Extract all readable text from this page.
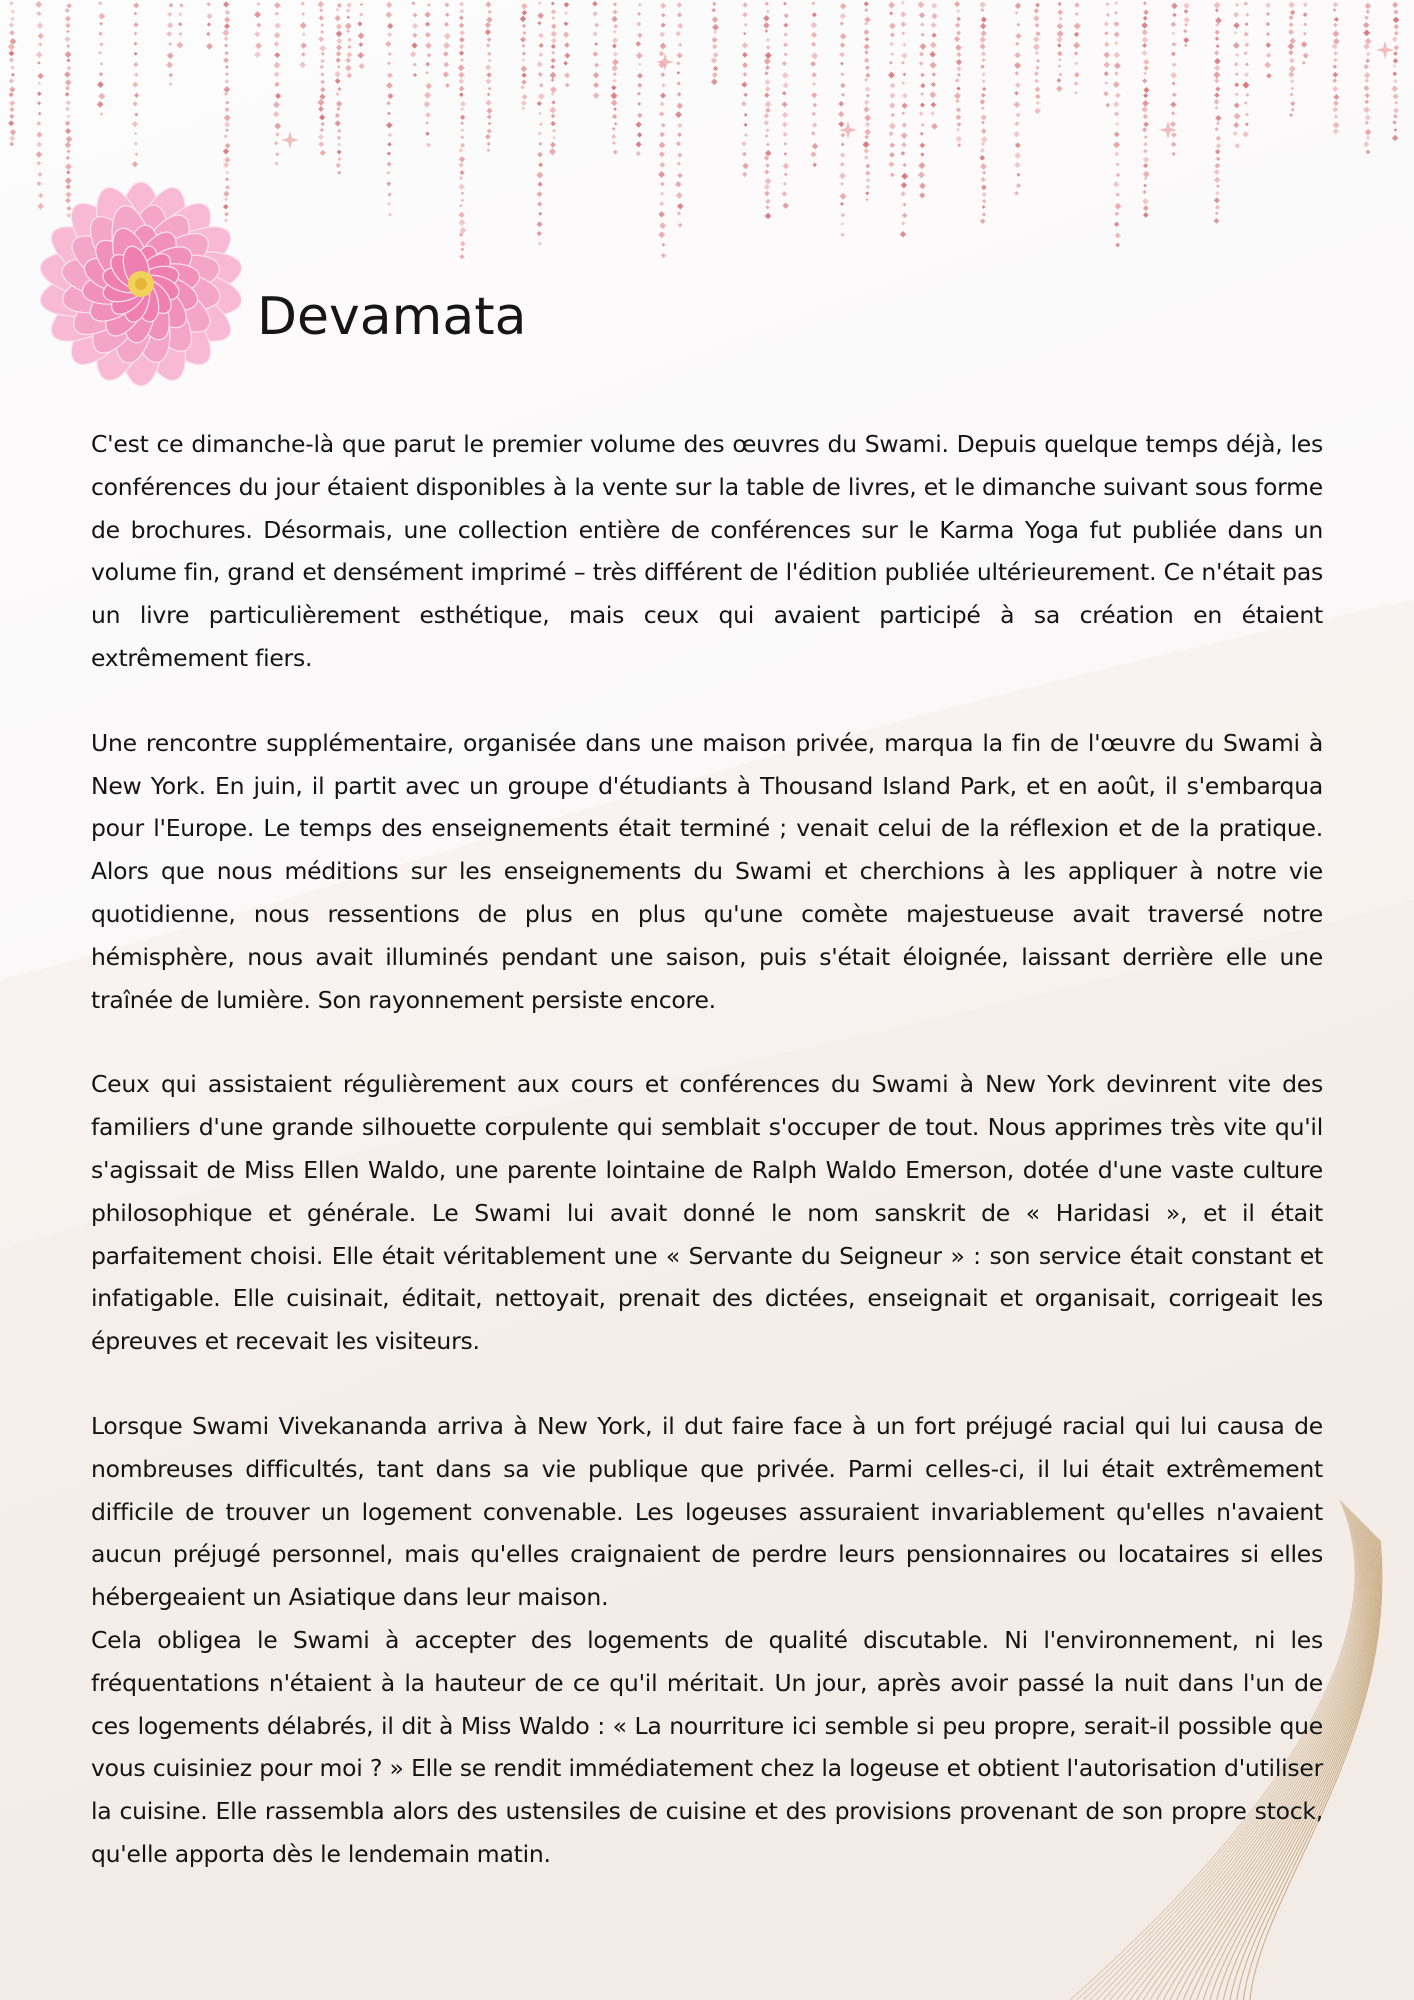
Devamata

C'est ce dimanche-là que parut le premier volume des œuvres du Swami. Depuis quelque temps déjà, les conférences du jour étaient disponibles à la vente sur la table de livres, et le dimanche suivant sous forme de brochures. Désormais, une collection entière de conférences sur le Karma Yoga fut publiée dans un volume fin, grand et densément imprimé – très différent de l'édition publiée ultérieurement. Ce n'était pas un livre particulièrement esthétique, mais ceux qui avaient participé à sa création en étaient extrêmement fiers.

Une rencontre supplémentaire, organisée dans une maison privée, marqua la fin de l'œuvre du Swami à New York. En juin, il partit avec un groupe d'étudiants à Thousand Island Park, et en août, il s'embarqua pour l'Europe. Le temps des enseignements était terminé ; venait celui de la réflexion et de la pratique. Alors que nous méditions sur les enseignements du Swami et cherchions à les appliquer à notre vie quotidienne, nous ressentions de plus en plus qu'une comète majestueuse avait traversé notre hémisphère, nous avait illuminés pendant une saison, puis s'était éloignée, laissant derrière elle une traînée de lumière. Son rayonnement persiste encore.

Ceux qui assistaient régulièrement aux cours et conférences du Swami à New York devinrent vite des familiers d'une grande silhouette corpulente qui semblait s'occuper de tout. Nous apprimes très vite qu'il s'agissait de Miss Ellen Waldo, une parente lointaine de Ralph Waldo Emerson, dotée d'une vaste culture philosophique et générale. Le Swami lui avait donné le nom sanskrit de « Haridasi », et il était parfaitement choisi. Elle était véritablement une « Servante du Seigneur » : son service était constant et infatigable. Elle cuisinait, éditait, nettoyait, prenait des dictées, enseignait et organisait, corrigeait les épreuves et recevait les visiteurs.

Lorsque Swami Vivekananda arriva à New York, il dut faire face à un fort préjugé racial qui lui causa de nombreuses difficultés, tant dans sa vie publique que privée. Parmi celles-ci, il lui était extrêmement difficile de trouver un logement convenable. Les logeuses assuraient invariablement qu'elles n'avaient aucun préjugé personnel, mais qu'elles craignaient de perdre leurs pensionnaires ou locataires si elles hébergeaient un Asiatique dans leur maison.

Cela obligea le Swami à accepter des logements de qualité discutable. Ni l'environnement, ni les fréquentations n'étaient à la hauteur de ce qu'il méritait. Un jour, après avoir passé la nuit dans l'un de ces logements délabrés, il dit à Miss Waldo : « La nourriture ici semble si peu propre, serait-il possible que vous cuisiniez pour moi ? » Elle se rendit immédiatement chez la logeuse et obtient l'autorisation d'utiliser la cuisine. Elle rassembla alors des ustensiles de cuisine et des provisions provenant de son propre stock, qu'elle apporta dès le lendemain matin.
